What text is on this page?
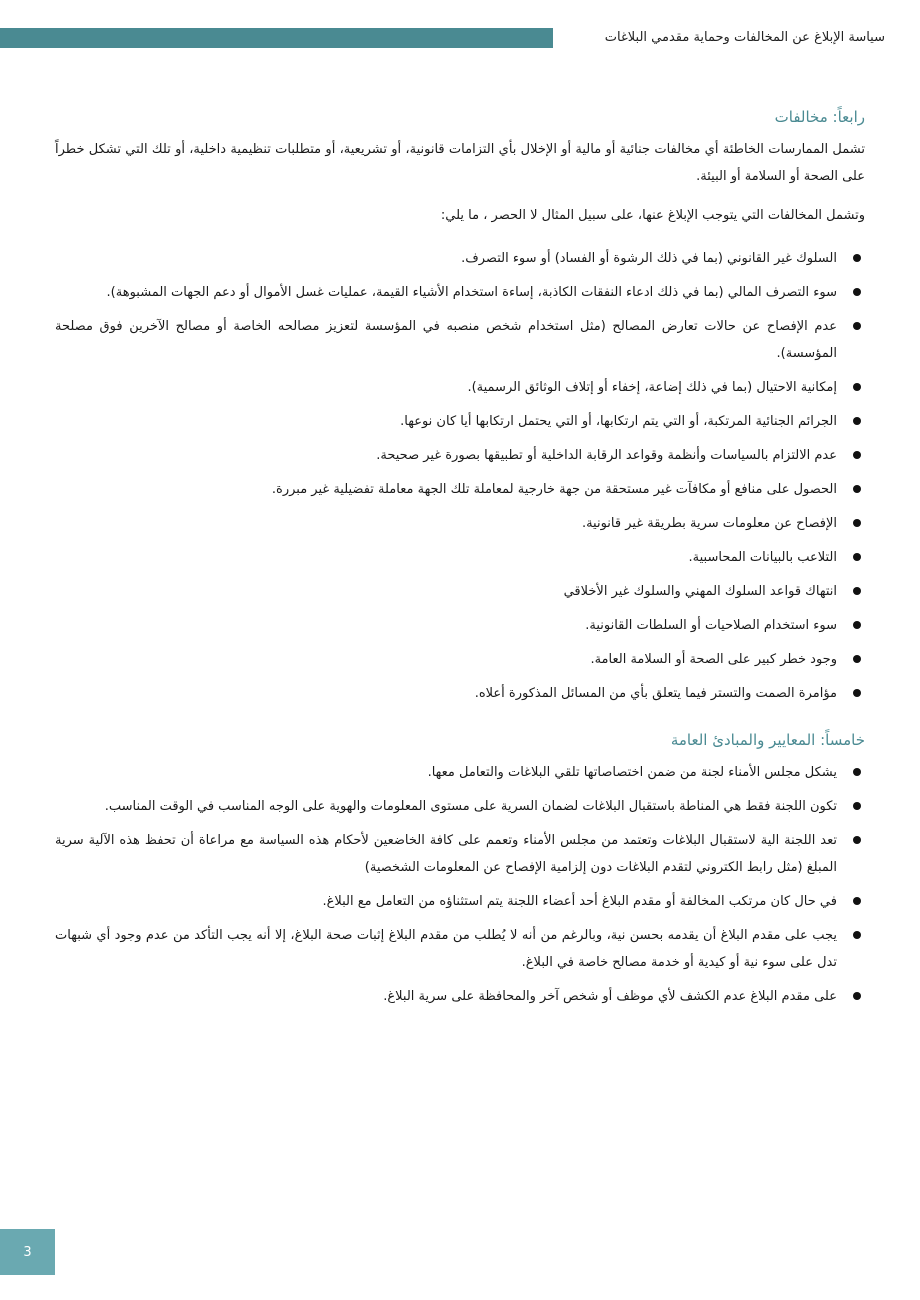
سياسة الإبلاغ عن المخالفات وحماية مقدمي البلاغات
رابعاً: مخالفات

تشمل الممارسات الخاطئة أي مخالفات جنائية أو مالية أو الإخلال بأي التزامات قانونية، أو تشريعية، أو متطلبات تنظيمية داخلية، أو تلك التي تشكل خطراً على الصحة أو السلامة أو البيئة.

وتشمل المخالفات التي يتوجب الإبلاغ عنها، على سبيل المثال لا الحصر ، ما يلي:

السلوك غير القانوني (بما في ذلك الرشوة أو الفساد) أو سوء التصرف.
سوء التصرف المالي (بما في ذلك ادعاء النفقات الكاذبة، إساءة استخدام الأشياء القيمة، عمليات غسل الأموال أو دعم الجهات المشبوهة).
عدم الإفصاح عن حالات تعارض المصالح (مثل استخدام شخص منصبه في المؤسسة لتعزيز مصالحه الخاصة أو مصالح الآخرين فوق مصلحة المؤسسة).
إمكانية الاحتيال (بما في ذلك إضاعة، إخفاء أو إتلاف الوثائق الرسمية).
الجرائم الجنائية المرتكبة، أو التي يتم ارتكابها، أو التي يحتمل ارتكابها أيا كان نوعها.
عدم الالتزام بالسياسات وأنظمة وقواعد الرقابة الداخلية أو تطبيقها بصورة غير صحيحة.
الحصول على منافع أو مكافآت غير مستحقة من جهة خارجية لمعاملة تلك الجهة معاملة تفضيلية غير مبررة.
الإفصاح عن معلومات سرية بطريقة غير قانونية.
التلاعب بالبيانات المحاسبية.
انتهاك قواعد السلوك المهني والسلوك غير الأخلاقي
سوء استخدام الصلاحيات أو السلطات القانونية.
وجود خطر كبير على الصحة أو السلامة العامة.
مؤامرة الصمت والتستر فيما يتعلق بأي من المسائل المذكورة أعلاه.
خامساً: المعايير والمبادئ العامة
يشكل مجلس الأمناء لجنة من ضمن اختصاصاتها تلقي البلاغات والتعامل معها.
تكون اللجنة فقط هي المناطة باستقبال البلاغات لضمان السرية على مستوى المعلومات والهوية على الوجه المناسب في الوقت المناسب.
تعد اللجنة الية لاستقبال البلاغات وتعتمد من مجلس الأمناء وتعمم على كافة الخاضعين لأحكام هذه السياسة مع مراعاة أن تحفظ هذه الآلية سرية المبلغ (مثل رابط الكتروني لتقدم البلاغات دون إلزامية الإفصاح عن المعلومات الشخصية)
في حال كان مرتكب المخالفة أو مقدم البلاغ أحد أعضاء اللجنة يتم استثناؤه من التعامل مع البلاغ.
يجب على مقدم البلاغ أن يقدمه بحسن نية، وبالرغم من أنه لا يُطلب من مقدم البلاغ إثبات صحة البلاغ، إلا أنه يجب التأكد من عدم وجود أي شبهات تدل على سوء نية أو كيدية أو خدمة مصالح خاصة في البلاغ.
على مقدم البلاغ عدم الكشف لأي موظف أو شخص آخر والمحافظة على سرية البلاغ.
3
